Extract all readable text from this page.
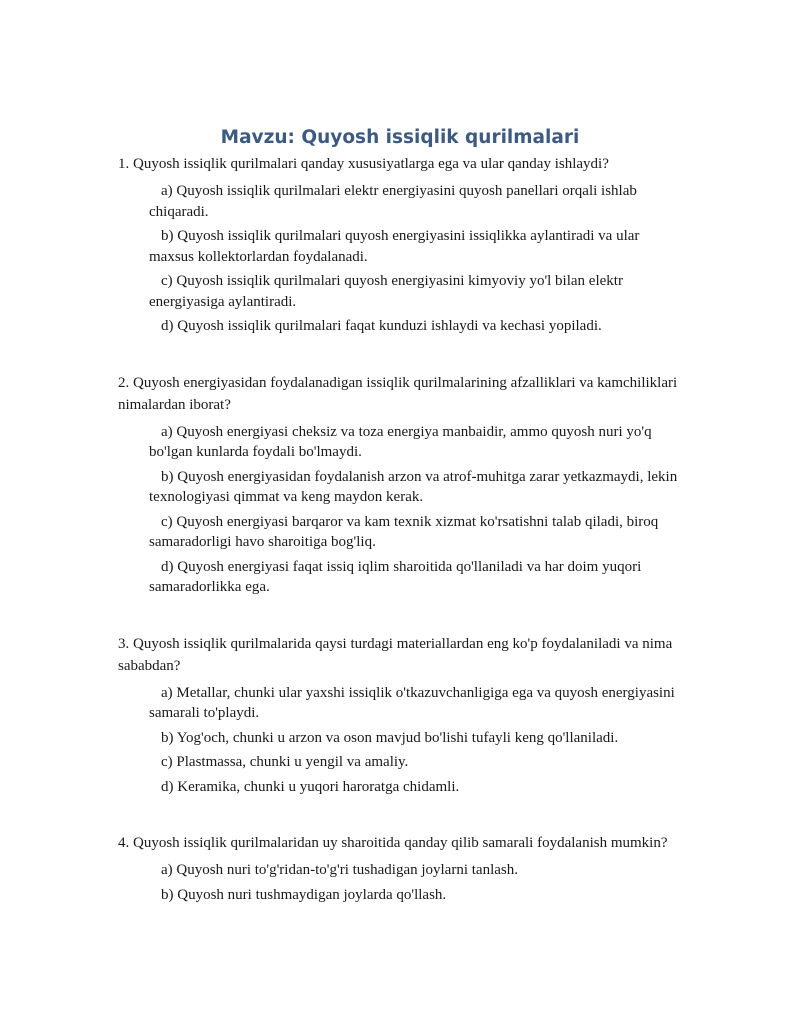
Mavzu: Quyosh issiqlik qurilmalari

1. Quyosh issiqlik qurilmalari qanday xususiyatlarga ega va ular qanday ishlaydi?

a) Quyosh issiqlik qurilmalari elektr energiyasini quyosh panellari orqali ishlab chiqaradi.
b) Quyosh issiqlik qurilmalari quyosh energiyasini issiqlikka aylantiradi va ular maxsus kollektorlardan foydalanadi.
c) Quyosh issiqlik qurilmalari quyosh energiyasini kimyoviy yo'l bilan elektr energiyasiga aylantiradi.
d) Quyosh issiqlik qurilmalari faqat kunduzi ishlaydi va kechasi yopiladi.

2. Quyosh energiyasidan foydalanadigan issiqlik qurilmalarining afzalliklari va kamchiliklari nimalardan iborat?

a) Quyosh energiyasi cheksiz va toza energiya manbaidir, ammo quyosh nuri yo'q bo'lgan kunlarda foydali bo'lmaydi.
b) Quyosh energiyasidan foydalanish arzon va atrof-muhitga zarar yetkazmaydi, lekin texnologiyasi qimmat va keng maydon kerak.
c) Quyosh energiyasi barqaror va kam texnik xizmat ko'rsatishni talab qiladi, biroq samaradorligi havo sharoitiga bog'liq.
d) Quyosh energiyasi faqat issiq iqlim sharoitida qo'llaniladi va har doim yuqori samaradorlikka ega.

3. Quyosh issiqlik qurilmalarida qaysi turdagi materiallardan eng ko'p foydalaniladi va nima sababdan?

a) Metallar, chunki ular yaxshi issiqlik o'tkazuvchanligiga ega va quyosh energiyasini samarali to'playdi.
b) Yog'och, chunki u arzon va oson mavjud bo'lishi tufayli keng qo'llaniladi.
c) Plastmassa, chunki u yengil va amaliy.
d) Keramika, chunki u yuqori haroratga chidamli.

4. Quyosh issiqlik qurilmalaridan uy sharoitida qanday qilib samarali foydalanish mumkin?

a) Quyosh nuri to'g'ridan-to'g'ri tushadigan joylarni tanlash.
b) Quyosh nuri tushmaydigan joylarda qo'llash.
